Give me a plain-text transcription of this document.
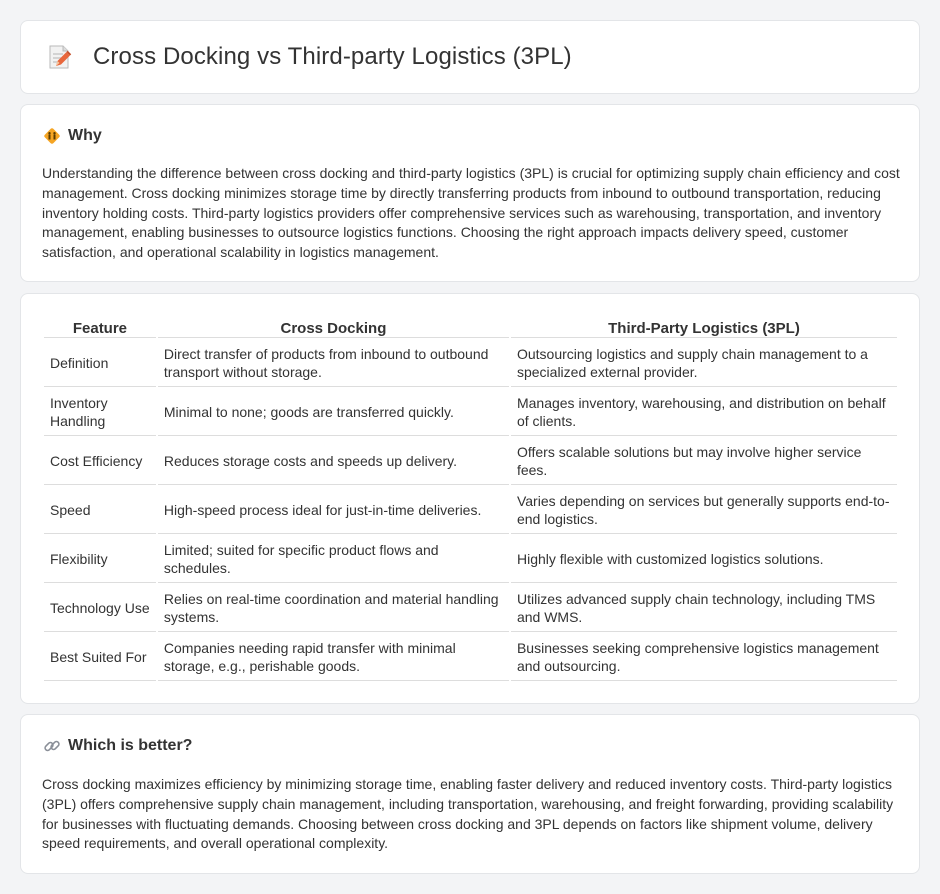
Cross Docking vs Third-party Logistics (3PL)
Why

Understanding the difference between cross docking and third-party logistics (3PL) is crucial for optimizing supply chain efficiency and cost management. Cross docking minimizes storage time by directly transferring products from inbound to outbound transportation, reducing inventory holding costs. Third-party logistics providers offer comprehensive services such as warehousing, transportation, and inventory management, enabling businesses to outsource logistics functions. Choosing the right approach impacts delivery speed, customer satisfaction, and operational scalability in logistics management.

Feature	Cross Docking	Third-Party Logistics (3PL)
Definition	Direct transfer of products from inbound to outbound transport without storage.	Outsourcing logistics and supply chain management to a specialized external provider.
Inventory Handling	Minimal to none; goods are transferred quickly.	Manages inventory, warehousing, and distribution on behalf of clients.
Cost Efficiency	Reduces storage costs and speeds up delivery.	Offers scalable solutions but may involve higher service fees.
Speed	High-speed process ideal for just-in-time deliveries.	Varies depending on services but generally supports end-to-end logistics.
Flexibility	Limited; suited for specific product flows and schedules.	Highly flexible with customized logistics solutions.
Technology Use	Relies on real-time coordination and material handling systems.	Utilizes advanced supply chain technology, including TMS and WMS.
Best Suited For	Companies needing rapid transfer with minimal storage, e.g., perishable goods.	Businesses seeking comprehensive logistics management and outsourcing.
Which is better?

Cross docking maximizes efficiency by minimizing storage time, enabling faster delivery and reduced inventory costs. Third-party logistics (3PL) offers comprehensive supply chain management, including transportation, warehousing, and freight forwarding, providing scalability for businesses with fluctuating demands. Choosing between cross docking and 3PL depends on factors like shipment volume, delivery speed requirements, and overall operational complexity.
